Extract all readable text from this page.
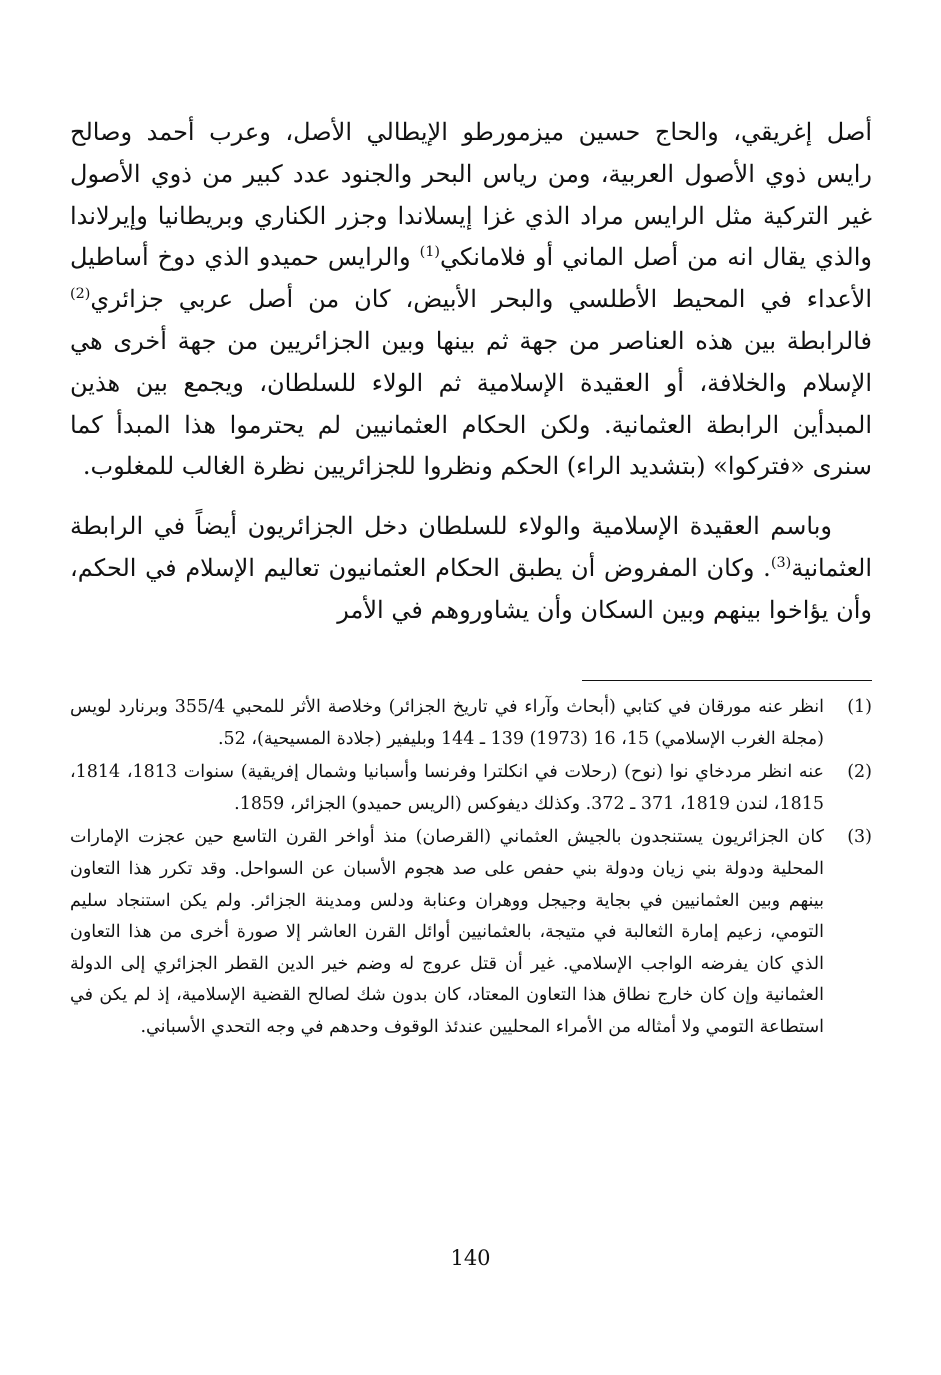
أصل إغريقي، والحاج حسين ميزمورطو الإيطالي الأصل، وعرب أحمد وصالح رايس ذوي الأصول العربية، ومن رياس البحر والجنود عدد كبير من ذوي الأصول غير التركية مثل الرايس مراد الذي غزا إيسلاندا وجزر الكناري وبريطانيا وإيرلاندا والذي يقال انه من أصل الماني أو فلامانكي$^{(1)}$ والرايس حميدو الذي دوخ أساطيل الأعداء في المحيط الأطلسي والبحر الأبيض، كان من أصل عربي جزائري$^{(2)}$ فالرابطة بين هذه العناصر من جهة ثم بينها وبين الجزائريين من جهة أخرى هي الإسلام والخلافة، أو العقيدة الإسلامية ثم الولاء للسلطان، ويجمع بين هذين المبدأين الرابطة العثمانية. ولكن الحكام العثمانيين لم يحترموا هذا المبدأ كما سنرى «فتركوا» (بتشديد الراء) الحكم ونظروا للجزائريين نظرة الغالب للمغلوب.

وباسم العقيدة الإسلامية والولاء للسلطان دخل الجزائريون أيضاً في الرابطة العثمانية$^{(3)}$. وكان المفروض أن يطبق الحكام العثمانيون تعاليم الإسلام في الحكم، وأن يؤاخوا بينهم وبين السكان وأن يشاوروهم في الأمر

(1)
انظر عنه مورقان في كتابي (أبحاث وآراء في تاريخ الجزائر) وخلاصة الأثر للمحبي 355/4 وبرنارد لويس (مجلة الغرب الإسلامي) 15، 16 (1973) 139 ـ 144 وبليفير (جلادة المسيحية)، 52.
(2)
عنه انظر مردخاي نوا (نوح) (رحلات في انكلترا وفرنسا وأسبانيا وشمال إفريقية) سنوات 1813، 1814، 1815، لندن 1819، 371 ـ 372. وكذلك ديفوكس (الريس حميدو) الجزائر، 1859.
(3)
كان الجزائريون يستنجدون بالجيش العثماني (القرصان) منذ أواخر القرن التاسع حين عجزت الإمارات المحلية ودولة بني زيان ودولة بني حفص على صد هجوم الأسبان عن السواحل. وقد تكرر هذا التعاون بينهم وبين العثمانيين في بجاية وجيجل ووهران وعنابة ودلس ومدينة الجزائر. ولم يكن استنجاد سليم التومي، زعيم إمارة الثعالبة في متيجة، بالعثمانيين أوائل القرن العاشر إلا صورة أخرى من هذا التعاون الذي كان يفرضه الواجب الإسلامي. غير أن قتل عروج له وضم خير الدين القطر الجزائري إلى الدولة العثمانية وإن كان خارج نطاق هذا التعاون المعتاد، كان بدون شك لصالح القضية الإسلامية، إذ لم يكن في استطاعة التومي ولا أمثاله من الأمراء المحليين عندئذ الوقوف وحدهم في وجه التحدي الأسباني.
140
